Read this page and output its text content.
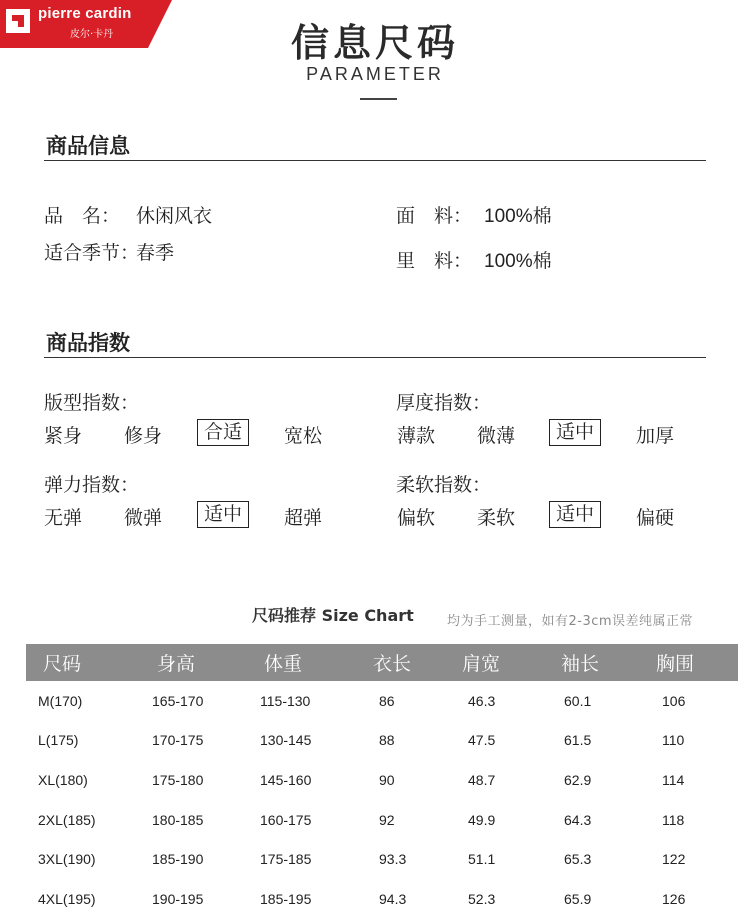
pierre cardin
皮尔·卡丹	信息尺码
PARAMETER
商品信息
品　名： 休闲风衣
适合季节：
春季
面　料： 100%棉
里　料： 100%棉
商品指数
版型指数：
紧身 修身	合适	宽松
厚度指数：
薄款 微薄	适中	加厚
弹力指数：
无弹 微弹	适中	超弹
柔软指数：
偏软 柔软	适中	偏硬
尺码推荐 Size Chart	均为手工测量，如有2-3cm误差纯属正常
尺码	身高	体重	衣长	肩宽	袖长	胸围
M(170)	165-170	115-130	86	46.3	60.1	106
L(175)	170-175	130-145	88	47.5	61.5	110
XL(180)	175-180	145-160	90	48.7	62.9	114
2XL(185)	180-185	160-175	92	49.9	64.3	118
3XL(190)	185-190	175-185	93.3	51.1	65.3	122
4XL(195)	190-195	185-195	94.3	52.3	65.9	126
